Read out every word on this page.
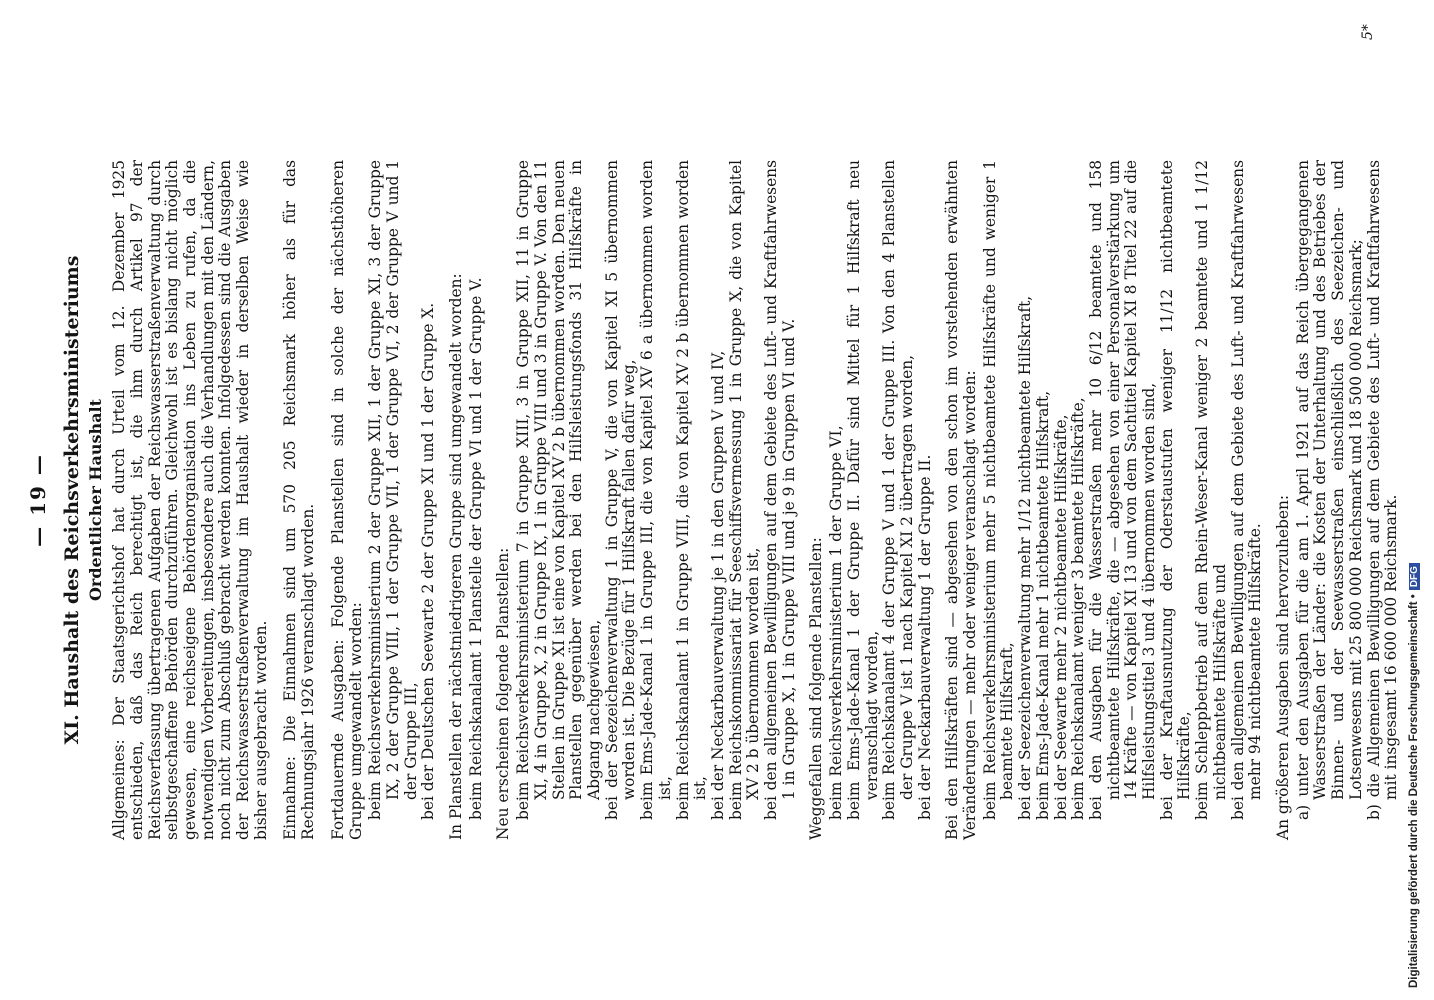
— 19 — XI. Haushalt des Reichsverkehrsministeriums Ordentlicher Haushalt Allgemeines: Der Staatsgerichtshof hat durch Urteil vom 12. Dezember 1925 entschieden, daß das Reich berechtigt ist, die ihm durch Artikel 97 der Reichsverfassung übertragenen Aufgaben der Reichswasserstraßenverwaltung durch selbstgeschaffene Behörden durchzuführen. Gleichwohl ist es bislang nicht möglich gewesen, eine reichseigene Behördenorganisation ins Leben zu rufen, da die notwendigen Vorbereitungen, insbesondere auch die Verhandlungen mit den Ländern, noch nicht zum Abschluß gebracht werden konnten. Infolgedessen sind die Ausgaben der Reichswasserstraßenverwaltung im Haushalt wieder in derselben Weise wie bisher ausgebracht worden. Einnahme: Die Einnahmen sind um 570 205 Reichsmark höher als für das Rechnungsjahr 1926 veranschlagt worden. Fortdauernde Ausgaben: Folgende Planstellen sind in solche der nächsthöheren Gruppe umgewandelt worden: beim Reichsverkehrsministerium 2 der Gruppe XII, 1 der Gruppe XI, 3 der Gruppe IX, 2 der Gruppe VIII, 1 der Gruppe VII, 1 der Gruppe VI, 2 der Gruppe V und 1 der Gruppe III, bei der Deutschen Seewarte 2 der Gruppe XI und 1 der Gruppe X. In Planstellen der nächstniedrigeren Gruppe sind umgewandelt worden: beim Reichskanalamt 1 Planstelle der Gruppe VI und 1 der Gruppe V. Neu erscheinen folgende Planstellen: beim Reichsverkehrsministerium 7 in Gruppe XIII, 3 in Gruppe XII, 11 in Gruppe XI, 4 in Gruppe X, 2 in Gruppe IX, 1 in Gruppe VIII und 3 in Gruppe V. Von den 11 Stellen in Gruppe XI ist eine von Kapitel XV 2 b übernommen worden. Den neuen Planstellen gegenüber werden bei den Hilfsleistungsfonds 31 Hilfskräfte in Abgang nachgewiesen, bei der Seezeichenverwaltung 1 in Gruppe V, die von Kapitel XI 5 übernommen worden ist. Die Bezüge für 1 Hilfskraft fallen dafür weg, beim Ems-Jade-Kanal 1 in Gruppe III, die von Kapitel XV 6 a übernommen worden ist, beim Reichskanalamt 1 in Gruppe VIII, die von Kapitel XV 2 b übernommen worden ist, bei der Neckarbauverwaltung je 1 in den Gruppen V und IV, beim Reichskommissariat für Seeschiffsvermessung 1 in Gruppe X, die von Kapitel XV 2 b übernommen worden ist, bei den allgemeinen Bewilligungen auf dem Gebiete des Luft- und Kraftfahrwesens 1 in Gruppe X, 1 in Gruppe VIII und je 9 in Gruppen VI und V. Weggefallen sind folgende Planstellen: beim Reichsverkehrsministerium 1 der Gruppe VI, beim Ems-Jade-Kanal 1 der Gruppe II. Dafür sind Mittel für 1 Hilfskraft neu veranschlagt worden, beim Reichskanalamt 4 der Gruppe V und 1 der Gruppe III. Von den 4 Planstellen der Gruppe V ist 1 nach Kapitel XI 2 übertragen worden, bei der Neckarbauverwaltung 1 der Gruppe II. Bei den Hilfskräften sind — abgesehen von den schon im vorstehenden erwähnten Veränderungen — mehr oder weniger veranschlagt worden: beim Reichsverkehrsministerium mehr 5 nichtbeamtete Hilfskräfte und weniger 1 beamtete Hilfskraft, bei der Seezeichenverwaltung mehr 1/12 nichtbeamtete Hilfskraft, beim Ems-Jade-Kanal mehr 1 nichtbeamtete Hilfskraft, bei der Seewarte mehr 2 nichtbeamtete Hilfskräfte, beim Reichskanalamt weniger 3 beamtete Hilfskräfte, bei den Ausgaben für die Wasserstraßen mehr 10 6/12 beamtete und 158 nichtbeamtete Hilfskräfte, die — abgesehen von einer Personalverstärkung um 14 Kräfte — von Kapitel XI 13 und von dem Sachtitel Kapitel XI 8 Titel 22 auf die Hilfsleistungstitel 3 und 4 übernommen worden sind, bei der Kraftausnutzung der Oderstaustufen weniger 11/12 nichtbeamtete Hilfskräfte, beim Schleppbetrieb auf dem Rhein-Weser-Kanal weniger 2 beamtete und 1 1/12 nichtbeamtete Hilfskräfte und bei den allgemeinen Bewilligungen auf dem Gebiete des Luft- und Kraftfahrwesens mehr 94 nichtbeamtete Hilfskräfte. An größeren Ausgaben sind hervorzuheben: a) unter den Ausgaben für die am 1. April 1921 auf das Reich übergegangenen Wasserstraßen der Länder: die Kosten der Unterhaltung und des Betriebes der Binnen- und der Seewasserstraßen einschließlich des Seezeichen- und Lotsenwesens mit 25 800 000 Reichsmark und 18 500 000 Reichsmark; b) die Allgemeinen Bewilligungen auf dem Gebiete des Luft- und Kraftfahrwesens mit insgesamt 16 600 000 Reichsmark.
5*
Digitalisierung gefördert durch die Deutsche Forschungsgemeinschaft •DFG
